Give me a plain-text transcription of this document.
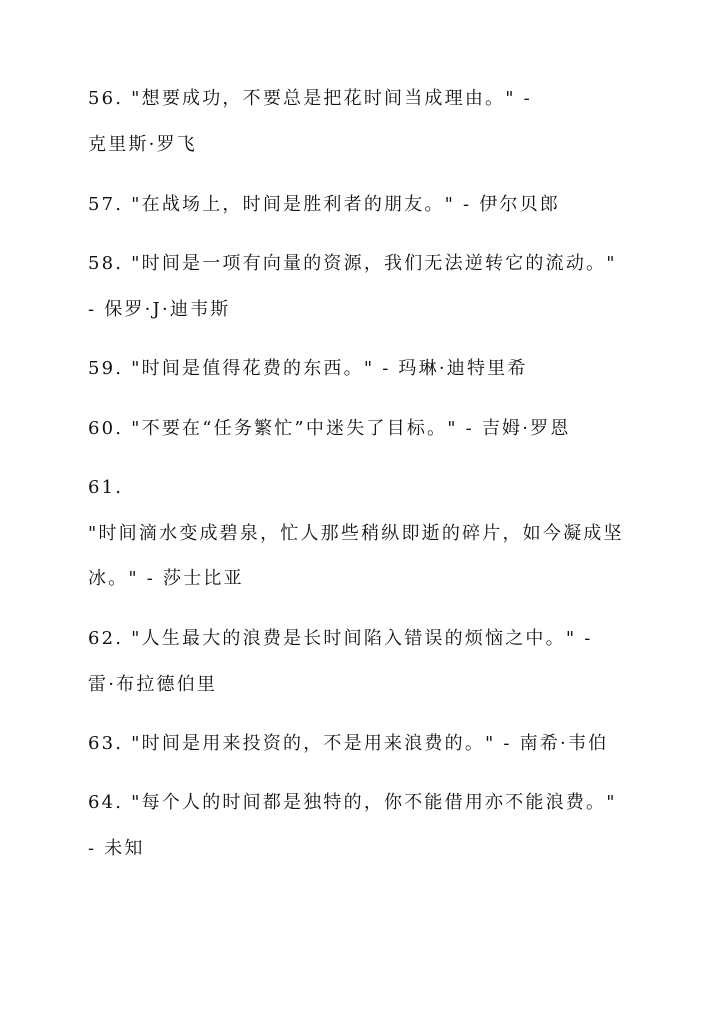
56. "想要成功，不要总是把花时间当成理由。" -
克里斯·罗飞
57. "在战场上，时间是胜利者的朋友。" - 伊尔贝郎
58. "时间是一项有向量的资源，我们无法逆转它的流动。"
- 保罗·J·迪韦斯
59. "时间是值得花费的东西。" - 玛琳·迪特里希
60. "不要在“任务繁忙”中迷失了目标。" - 吉姆·罗恩
61.
"时间滴水变成碧泉，忙人那些稍纵即逝的碎片，如今凝成坚
冰。" - 莎士比亚
62. "人生最大的浪费是长时间陷入错误的烦恼之中。" -
雷·布拉德伯里
63. "时间是用来投资的，不是用来浪费的。" - 南希·韦伯
64. "每个人的时间都是独特的，你不能借用亦不能浪费。"
- 未知
